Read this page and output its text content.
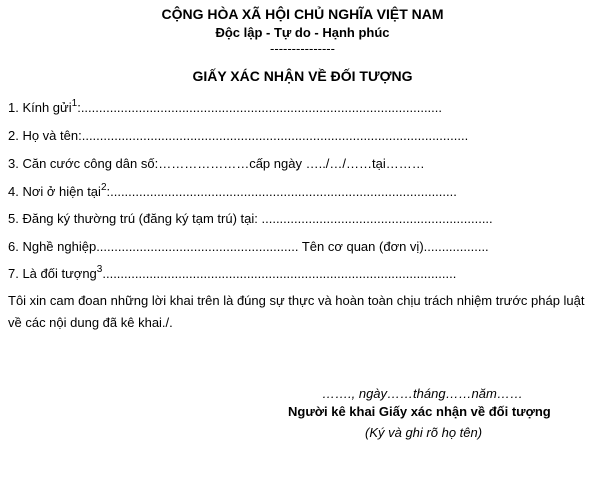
CỘNG HÒA XÃ HỘI CHỦ NGHĨA VIỆT NAM
Độc lập - Tự do - Hạnh phúc
---------------
GIẤY XÁC NHẬN VỀ ĐỐI TƯỢNG
1. Kính gửi$^1$:....................................................................................................
2. Họ và tên:...........................................................................................................
3. Căn cước công dân số:…………………cấp ngày …../…/……tại………
4. Nơi ở hiện tại$^2$:................................................................................................
5. Đăng ký thường trú (đăng ký tạm trú) tại: ................................................................
6. Nghề nghiệp........................................................ Tên cơ quan (đơn vị)..................
7. Là đối tượng$^3$..................................................................................................
Tôi xin cam đoan những lời khai trên là đúng sự thực và hoàn toàn chịu trách nhiệm trước pháp luật về các nội dung đã kê khai./.
……., ngày……tháng……năm……
Người kê khai Giấy xác nhận về đối tượng
(Ký và ghi rõ họ tên)
